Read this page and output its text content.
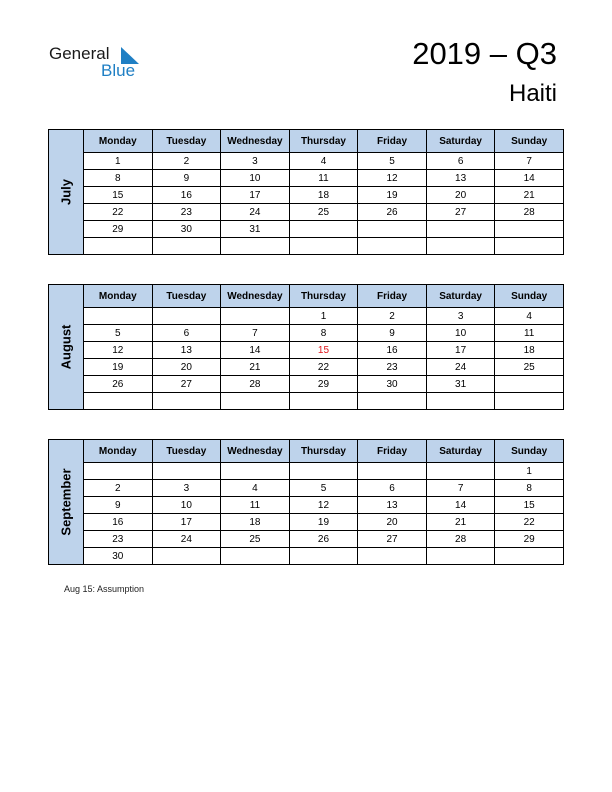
General
Blue	2019 – Q3
Haiti
July	Monday	Tuesday	Wednesday	Thursday	Friday	Saturday	Sunday
	1	2	3	4	5	6	7
	8	9	10	11	12	13	14
	15	16	17	18	19	20	21
	22	23	24	25	26	27	28
	29	30	31				

August	Monday	Tuesday	Wednesday	Thursday	Friday	Saturday	Sunday
				1	2	3	4
	5	6	7	8	9	10	11
	12	13	14	15	16	17	18
	19	20	21	22	23	24	25
	26	27	28	29	30	31	

September	Monday	Tuesday	Wednesday	Thursday	Friday	Saturday	Sunday
							1
	2	3	4	5	6	7	8
	9	10	11	12	13	14	15
	16	17	18	19	20	21	22
	23	24	25	26	27	28	29
	30						
Aug 15: Assumption
